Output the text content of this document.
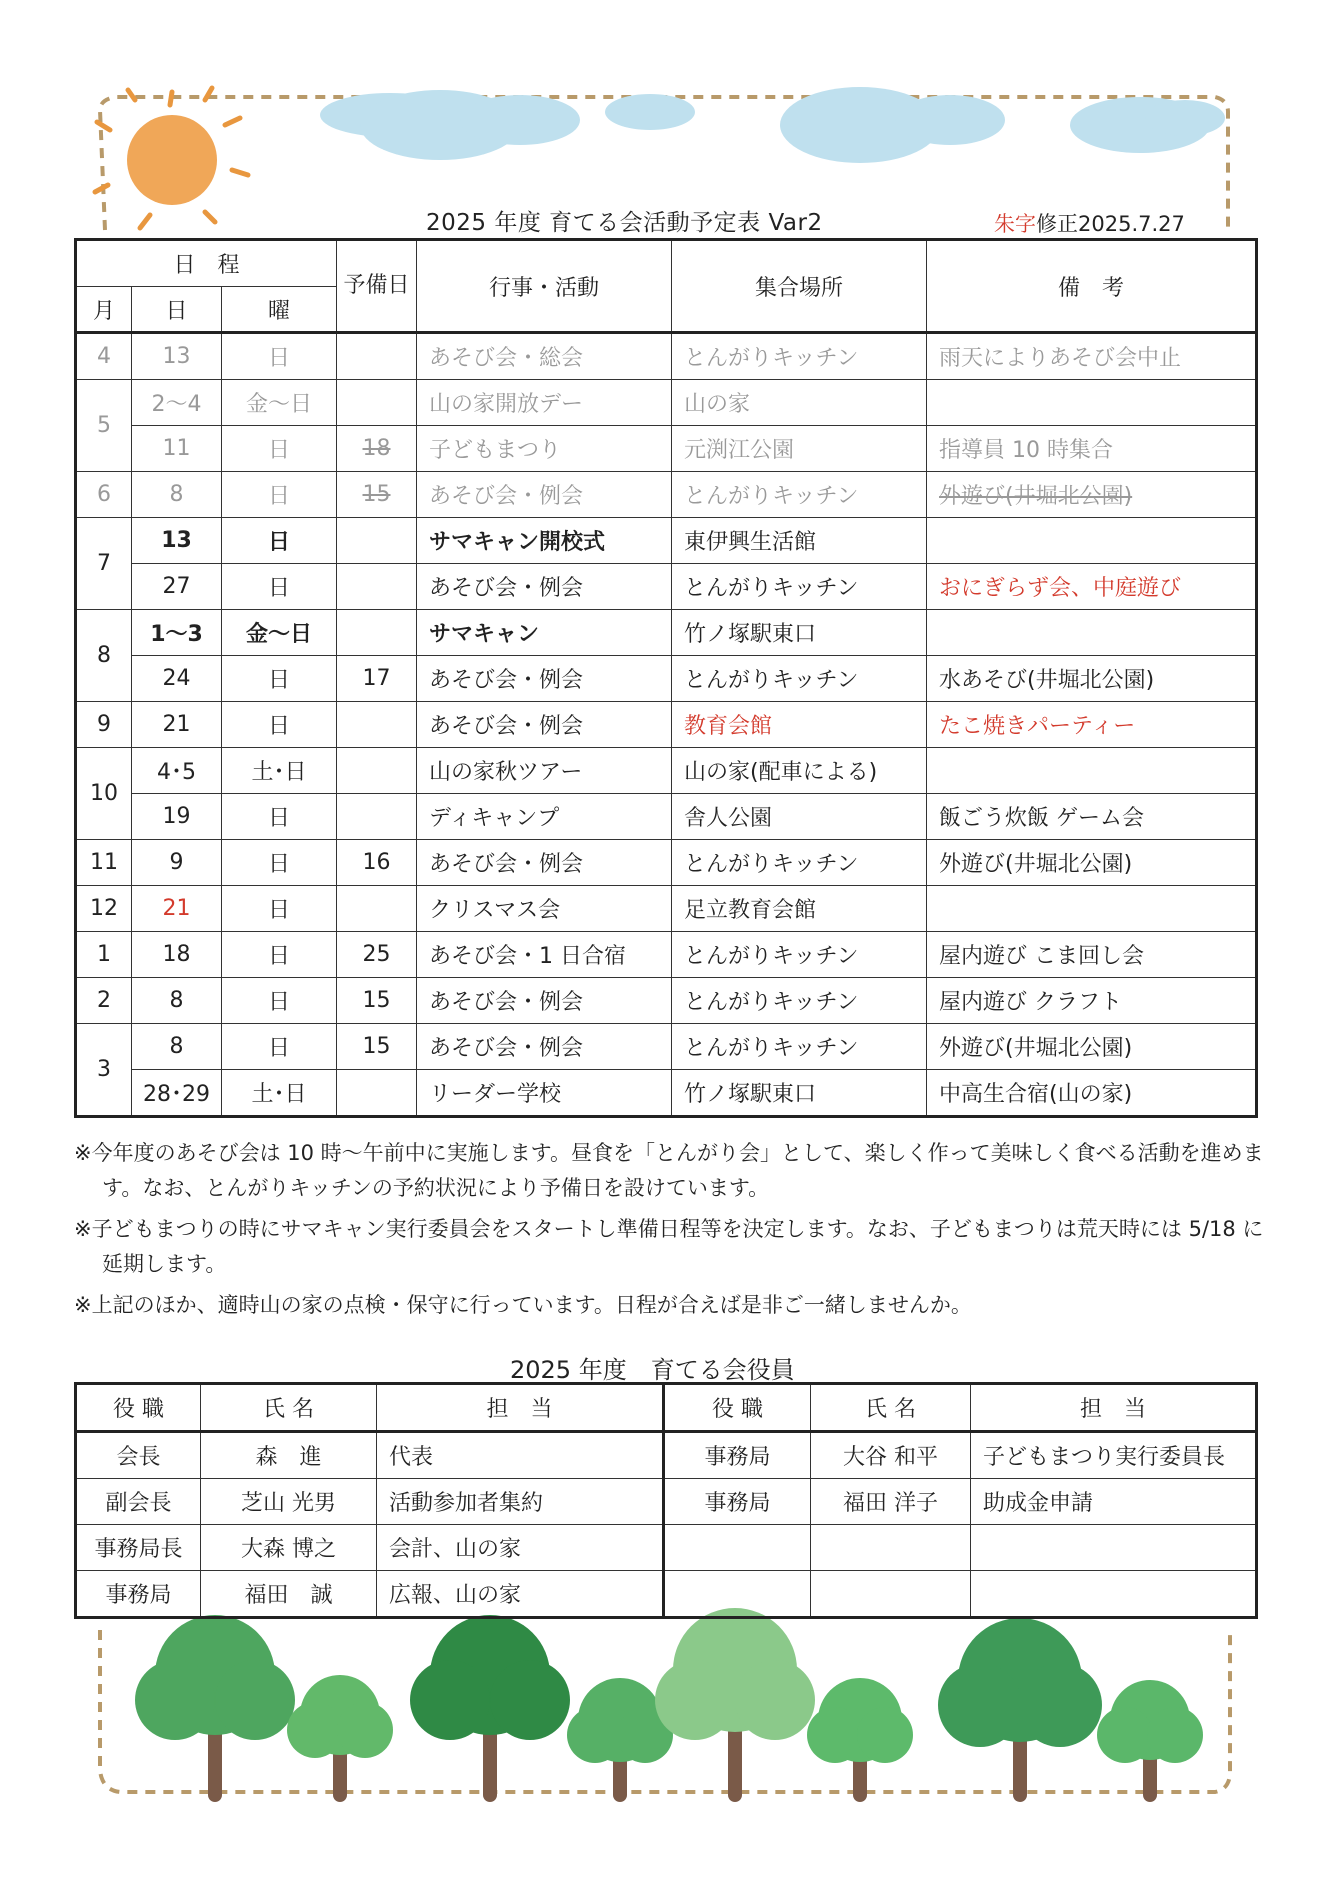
2025 年度 育てる会活動予定表 Var2	朱字修正2025.7.27
日　程			予備日	行事・活動	集合場所	備　考
月	日	曜				
4	13	日		あそび会・総会	とんがりキッチン	雨天によりあそび会中止
5	2〜4	金〜日		山の家開放デー	山の家	
	11	日	18	子どもまつり	元渕江公園	指導員 10 時集合
6	8	日	15	あそび会・例会	とんがりキッチン	外遊び(井堀北公園)
7	13	日		サマキャン開校式	東伊興生活館	
	27	日		あそび会・例会	とんがりキッチン	おにぎらず会、中庭遊び
8	1〜3	金〜日		サマキャン	竹ノ塚駅東口	
	24	日	17	あそび会・例会	とんがりキッチン	水あそび(井堀北公園)
9	21	日		あそび会・例会	教育会館	たこ焼きパーティー
10	4･5	土･日		山の家秋ツアー	山の家(配車による)	
	19	日		ディキャンプ	舎人公園	飯ごう炊飯 ゲーム会
11	9	日	16	あそび会・例会	とんがりキッチン	外遊び(井堀北公園)
12	21	日		クリスマス会	足立教育会館	
1	18	日	25	あそび会・1 日合宿	とんがりキッチン	屋内遊び こま回し会
2	8	日	15	あそび会・例会	とんがりキッチン	屋内遊び クラフト
3	8	日	15	あそび会・例会	とんがりキッチン	外遊び(井堀北公園)
	28･29	土･日		リーダー学校	竹ノ塚駅東口	中高生合宿(山の家)
※今年度のあそび会は 10 時〜午前中に実施します。昼食を「とんがり会」として、楽しく作って美味しく食べる活動を進めます。なお、とんがりキッチンの予約状況により予備日を設けています。
※子どもまつりの時にサマキャン実行委員会をスタートし準備日程等を決定します。なお、子どもまつりは荒天時には 5/18 に延期します。
※上記のほか、適時山の家の点検・保守に行っています。日程が合えば是非ご一緒しませんか。
2025 年度　育てる会役員
役 職	氏 名	担　当	役 職	氏 名	担　当
会長	森　進	代表	事務局	大谷 和平	子どもまつり実行委員長
副会長	芝山 光男	活動参加者集約	事務局	福田 洋子	助成金申請
事務局長	大森 博之	会計、山の家			
事務局	福田　誠	広報、山の家			
